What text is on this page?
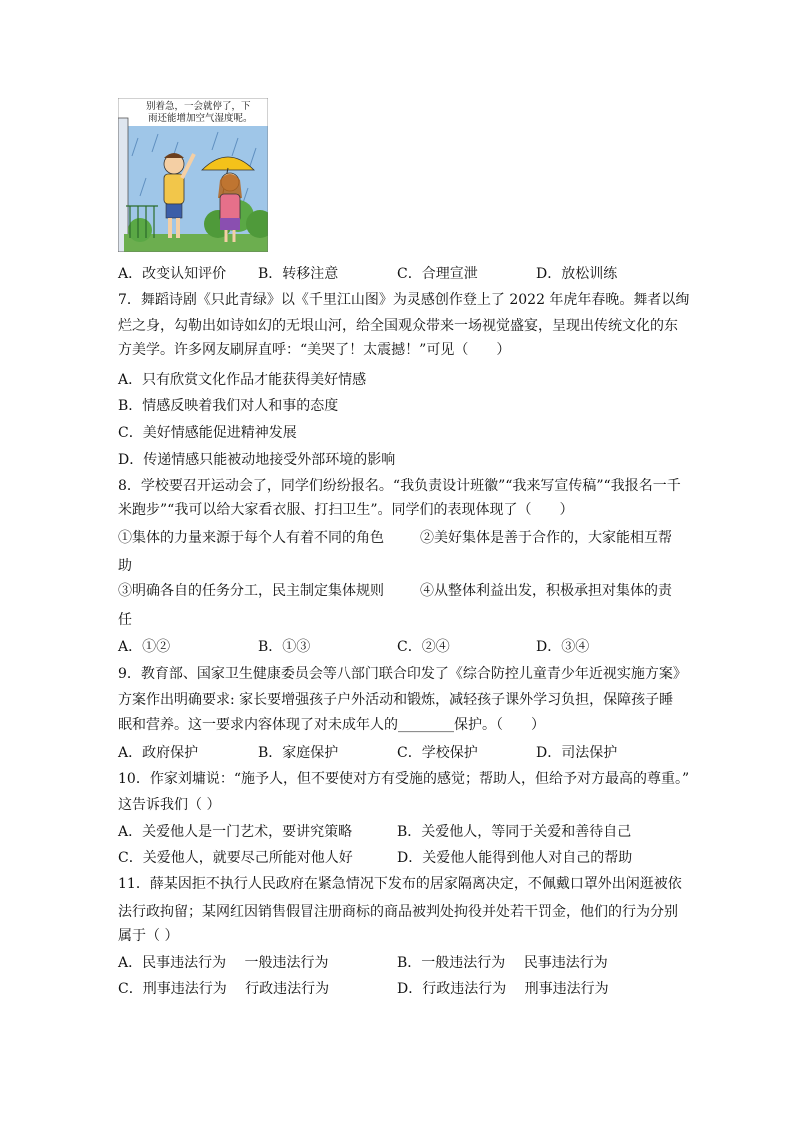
别着急，一会就停了，下
雨还能增加空气湿度呢。
A．改变认知评价 B．转移注意	C．合理宣泄	D．放松训练
7．舞蹈诗剧《只此青绿》以《千里江山图》为灵感创作登上了 2022 年虎年春晚。舞者以绚
烂之身，勾勒出如诗如幻的无垠山河，给全国观众带来一场视觉盛宴，呈现出传统文化的东
方美学。许多网友刷屏直呼：“美哭了！太震撼！”可见（　　）
A．只有欣赏文化作品才能获得美好情感
B．情感反映着我们对人和事的态度
C．美好情感能促进精神发展
D．传递情感只能被动地接受外部环境的影响
8．学校要召开运动会了，同学们纷纷报名。“我负责设计班徽”“我来写宣传稿”“我报名一千
米跑步”“我可以给大家看衣服、打扫卫生”。同学们的表现体现了（　　）
①集体的力量来源于每个人有着不同的角色	②美好集体是善于合作的，大家能相互帮
助
③明确各自的任务分工，民主制定集体规则	④从整体利益出发，积极承担对集体的责
任
A．①②	B．①③	C．②④	D．③④
9．教育部、国家卫生健康委员会等八部门联合印发了《综合防控儿童青少年近视实施方案》
方案作出明确要求: 家长要增强孩子户外活动和锻炼，减轻孩子课外学习负担，保障孩子睡
眠和营养。这一要求内容体现了对未成年人的________保护。（　　）
A．政府保护	B．家庭保护	C．学校保护	D．司法保护
10．作家刘墉说：“施予人，但不要使对方有受施的感觉；帮助人，但给予对方最高的尊重。”
这告诉我们（ ）
A．关爱他人是一门艺术，要讲究策略	B．关爱他人，等同于关爱和善待自己
C．关爱他人，就要尽己所能对他人好	D．关爱他人能得到他人对自己的帮助
11．薛某因拒不执行人民政府在紧急情况下发布的居家隔离决定，不佩戴口罩外出闲逛被依
法行政拘留；某网红因销售假冒注册商标的商品被判处拘役并处若干罚金，他们的行为分别
属于（ ）
A．民事违法行为　 一般违法行为	B．一般违法行为　 民事违法行为
C．刑事违法行为　 行政违法行为	D．行政违法行为　 刑事违法行为
